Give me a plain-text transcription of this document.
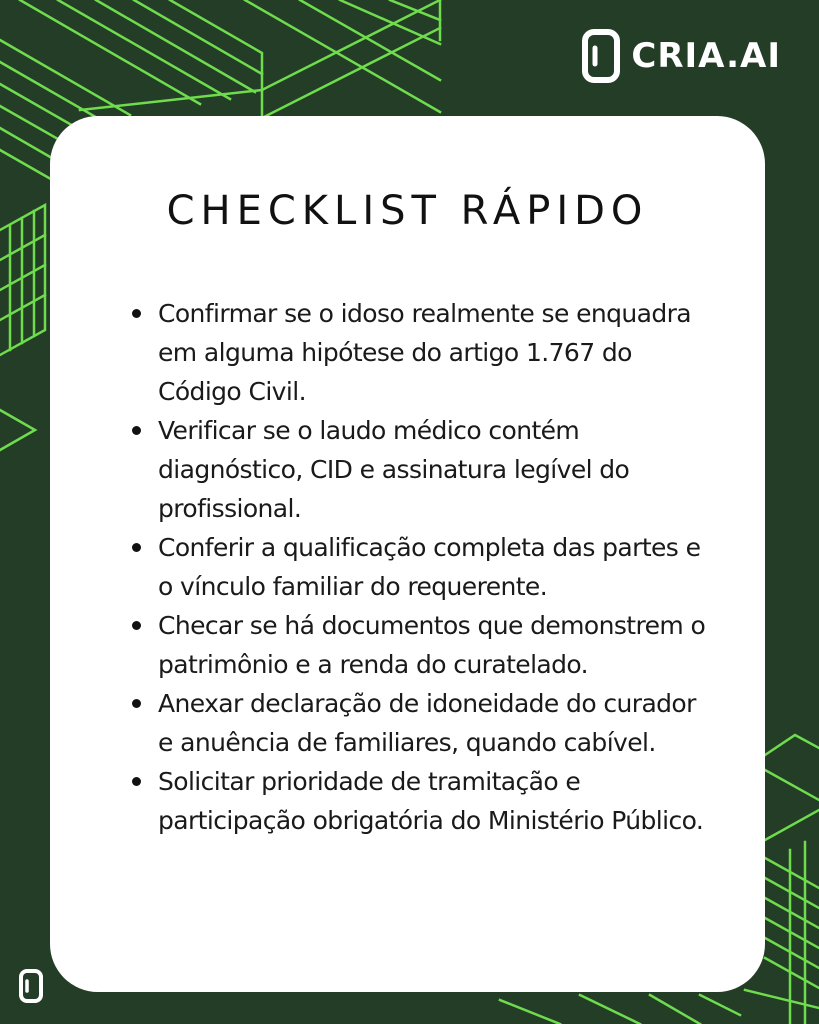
CRIA.AI
CHECKLIST RÁPIDO
Confirmar se o idoso realmente se enquadra em alguma hipótese do artigo 1.767 do Código Civil.
Verificar se o laudo médico contém diagnóstico, CID e assinatura legível do profissional.
Conferir a qualificação completa das partes e o vínculo familiar do requerente.
Checar se há documentos que demonstrem o patrimônio e a renda do curatelado.
Anexar declaração de idoneidade do curador e anuência de familiares, quando cabível.
Solicitar prioridade de tramitação e participação obrigatória do Ministério Público.
